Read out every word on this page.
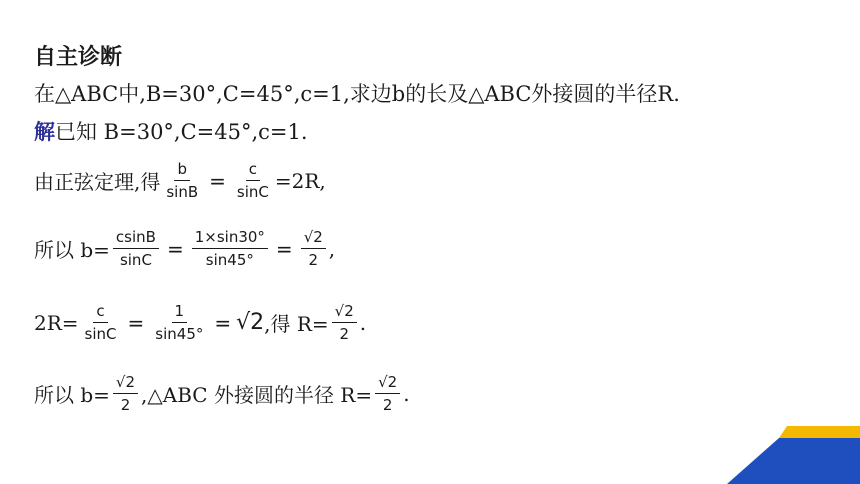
自主诊断
在△ABC中,B=30°,C=45°,c=1,求边b的长及△ABC外接圆的半径R.
解已知 B=30°,C=45°,c=1.
由正弦定理,得 $\frac{b}{\sin B} = \frac{c}{\sin C} =2R$,
所以 $b= \frac{csinB}{\sin C} = \frac{1\times\sin 30^\circ}{\sin 45^\circ} = \frac{√2}{2}$ ,
$2R= \frac{c}{\sin C} = \frac{1}{\sin 45^\circ} = √2$ ,得 $R= \frac{√2}{2}$ .
所以 $b= \frac{√2}{2}$ ,△ABC 外接圆的半径 $R= \frac{√2}{2}$ .
